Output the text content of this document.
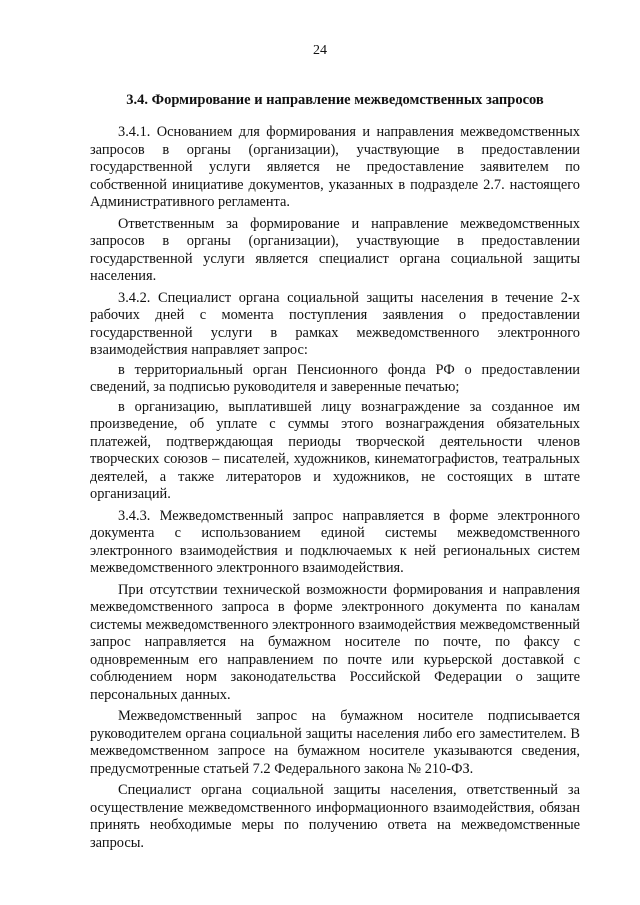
24
3.4. Формирование и направление межведомственных запросов

3.4.1. Основанием для формирования и направления межведомственных запросов в органы (организации), участвующие в предоставлении государственной услуги является не предоставление заявителем по собственной инициативе документов, указанных в подразделе 2.7. настоящего Административного регламента.

Ответственным за формирование и направление межведомственных запросов в органы (организации), участвующие в предоставлении государственной услуги является специалист органа социальной защиты населения.

3.4.2. Специалист органа социальной защиты населения в течение 2-х рабочих дней с момента поступления заявления о предоставлении государственной услуги в рамках межведомственного электронного взаимодействия направляет запрос:

в территориальный орган Пенсионного фонда РФ о предоставлении сведений, за подписью руководителя и заверенные печатью;

в организацию, выплатившей лицу вознаграждение за созданное им произведение, об уплате с суммы этого вознаграждения обязательных платежей, подтверждающая периоды творческой деятельности членов творческих союзов – писателей, художников, кинематографистов, театральных деятелей, а также литераторов и художников, не состоящих в штате организаций.

3.4.3. Межведомственный запрос направляется в форме электронного документа с использованием единой системы межведомственного электронного взаимодействия и подключаемых к ней региональных систем межведомственного электронного взаимодействия.

При отсутствии технической возможности формирования и направления межведомственного запроса в форме электронного документа по каналам системы межведомственного электронного взаимодействия межведомственный запрос направляется на бумажном носителе по почте, по факсу с одновременным его направлением по почте или курьерской доставкой с соблюдением норм законодательства Российской Федерации о защите персональных данных.

Межведомственный запрос на бумажном носителе подписывается руководителем органа социальной защиты населения либо его заместителем. В межведомственном запросе на бумажном носителе указываются сведения, предусмотренные статьей 7.2 Федерального закона № 210-ФЗ.

Специалист органа социальной защиты населения, ответственный за осуществление межведомственного информационного взаимодействия, обязан принять необходимые меры по получению ответа на межведомственные запросы.
